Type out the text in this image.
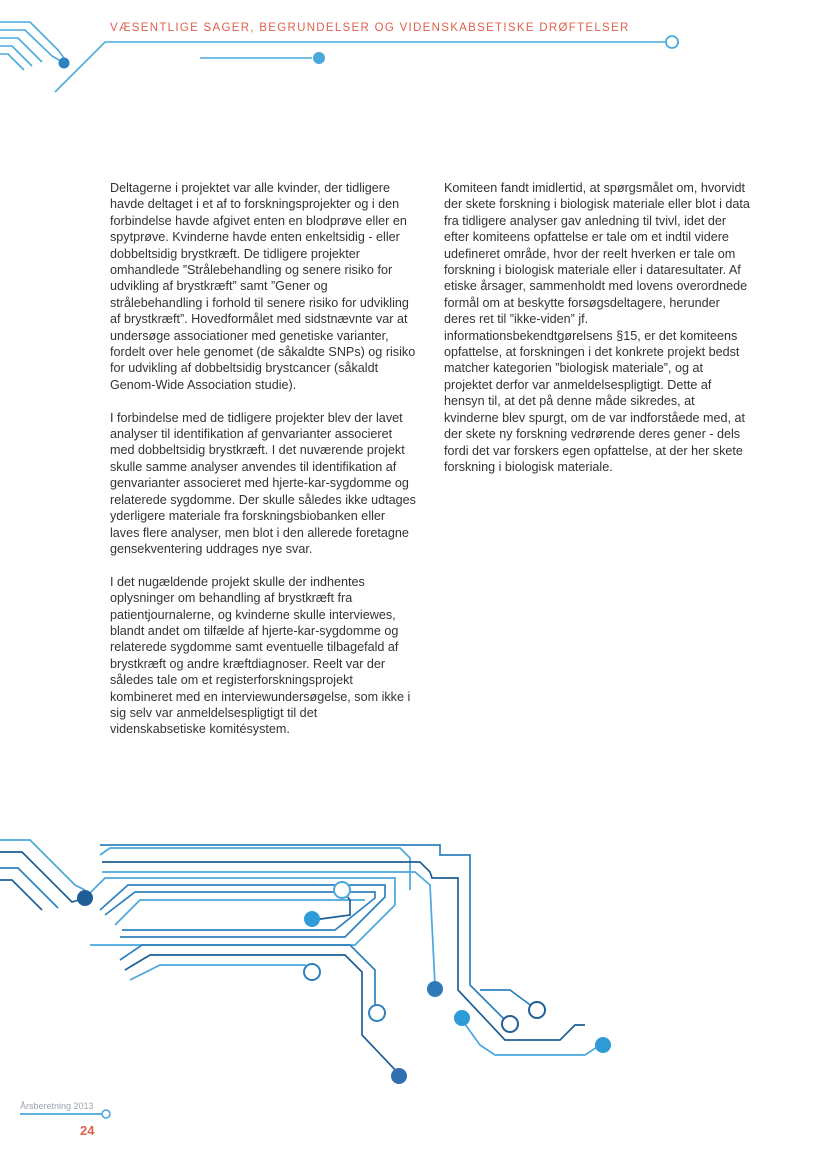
VÆSENTLIGE SAGER, BEGRUNDELSER OG VIDENSKABSETISKE DRØFTELSER

Deltagerne i projektet var alle kvinder, der tidligere havde deltaget i et af to forskningsprojekter og i den forbindelse havde afgivet enten en blodprøve eller en spytprøve. Kvinderne havde enten enkeltsidig - eller dobbeltsidig brystkræft. De tidligere projekter omhandlede ”Strålebehandling og senere risiko for udvikling af brystkræft” samt ”Gener og strålebehandling i forhold til senere risiko for udvikling af brystkræft”. Hovedformålet med sidstnævnte var at undersøge associationer med genetiske varianter, fordelt over hele genomet (de såkaldte SNPs) og risiko for udvikling af dobbeltsidig brystcancer (såkaldt Genom-Wide Association studie).

I forbindelse med de tidligere projekter blev der lavet analyser til identifikation af genvarianter associeret med dobbeltsidig brystkræft. I det nuværende projekt skulle samme analyser anvendes til identifikation af genvarianter associeret med hjerte-kar-sygdomme og relaterede sygdomme. Der skulle således ikke udtages yderligere materiale fra forskningsbiobanken eller laves flere analyser, men blot i den allerede foretagne gensekventering uddrages nye svar.

I det nugældende projekt skulle der indhentes oplysninger om behandling af brystkræft fra patientjournalerne, og kvinderne skulle interviewes, blandt andet om tilfælde af hjerte-kar-sygdomme og relaterede sygdomme samt eventuelle tilbagefald af brystkræft og andre kræftdiagnoser. Reelt var der således tale om et registerforskningsprojekt kombineret med en interviewundersøgelse, som ikke i sig selv var anmeldelsespligtigt til det videnskabsetiske komitésystem.

Komiteen fandt imidlertid, at spørgsmålet om, hvorvidt der skete forskning i biologisk materiale eller blot i data fra tidligere analyser gav anledning til tvivl, idet der efter komiteens opfattelse er tale om et indtil videre udefineret område, hvor der reelt hverken er tale om forskning i biologisk materiale eller i dataresultater. Af etiske årsager, sammenholdt med lovens overordnede formål om at beskytte forsøgsdeltagere, herunder deres ret til ”ikke-viden” jf. informationsbekendtgørelsens §15, er det komiteens opfattelse, at forskningen i det konkrete projekt bedst matcher kategorien ”biologisk materiale”, og at projektet derfor var anmeldelsespligtigt. Dette af hensyn til, at det på denne måde sikredes, at kvinderne blev spurgt, om de var indforståede med, at der skete ny forskning vedrørende deres gener - dels fordi det var forskers egen opfattelse, at der her skete forskning i biologisk materiale.

Årsberetning 2013
24
